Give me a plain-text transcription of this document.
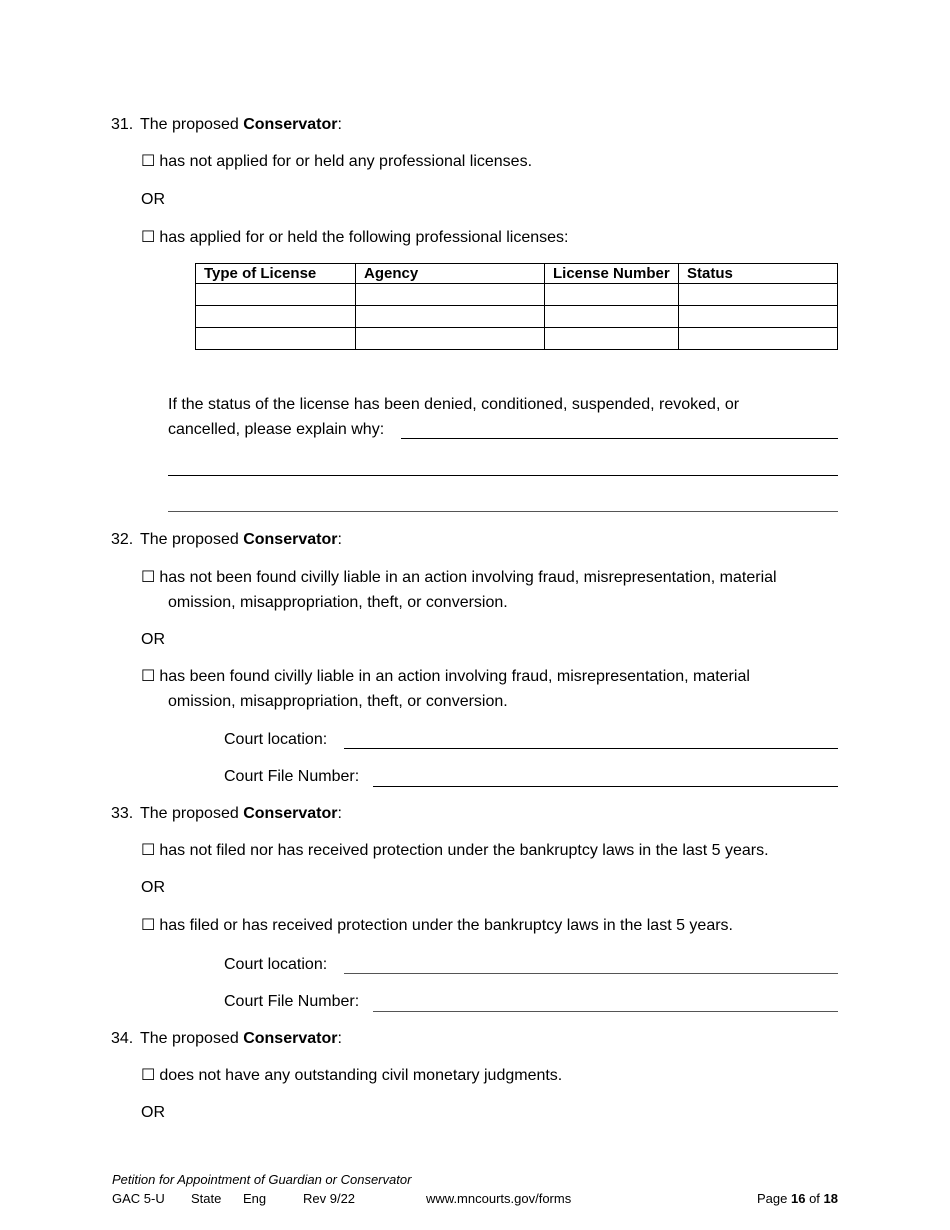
31. The proposed Conservator:
☐ has not applied for or held any professional licenses.
OR
☐ has applied for or held the following professional licenses:
Type of License	Agency	License Number	Status

If the status of the license has been denied, conditioned, suspended, revoked, or
cancelled, please explain why:
32. The proposed Conservator:
☐ has not been found civilly liable in an action involving fraud, misrepresentation, material
omission, misappropriation, theft, or conversion.
OR
☐ has been found civilly liable in an action involving fraud, misrepresentation, material
omission, misappropriation, theft, or conversion.
Court location:
Court File Number:
33. The proposed Conservator:
☐ has not filed nor has received protection under the bankruptcy laws in the last 5 years.
OR
☐ has filed or has received protection under the bankruptcy laws in the last 5 years.
Court location:
Court File Number:
34. The proposed Conservator:
☐ does not have any outstanding civil monetary judgments.
OR
Petition for Appointment of Guardian or Conservator
GAC 5-U State Eng	Rev 9/22	www.mncourts.gov/forms	Page 16 of 18
